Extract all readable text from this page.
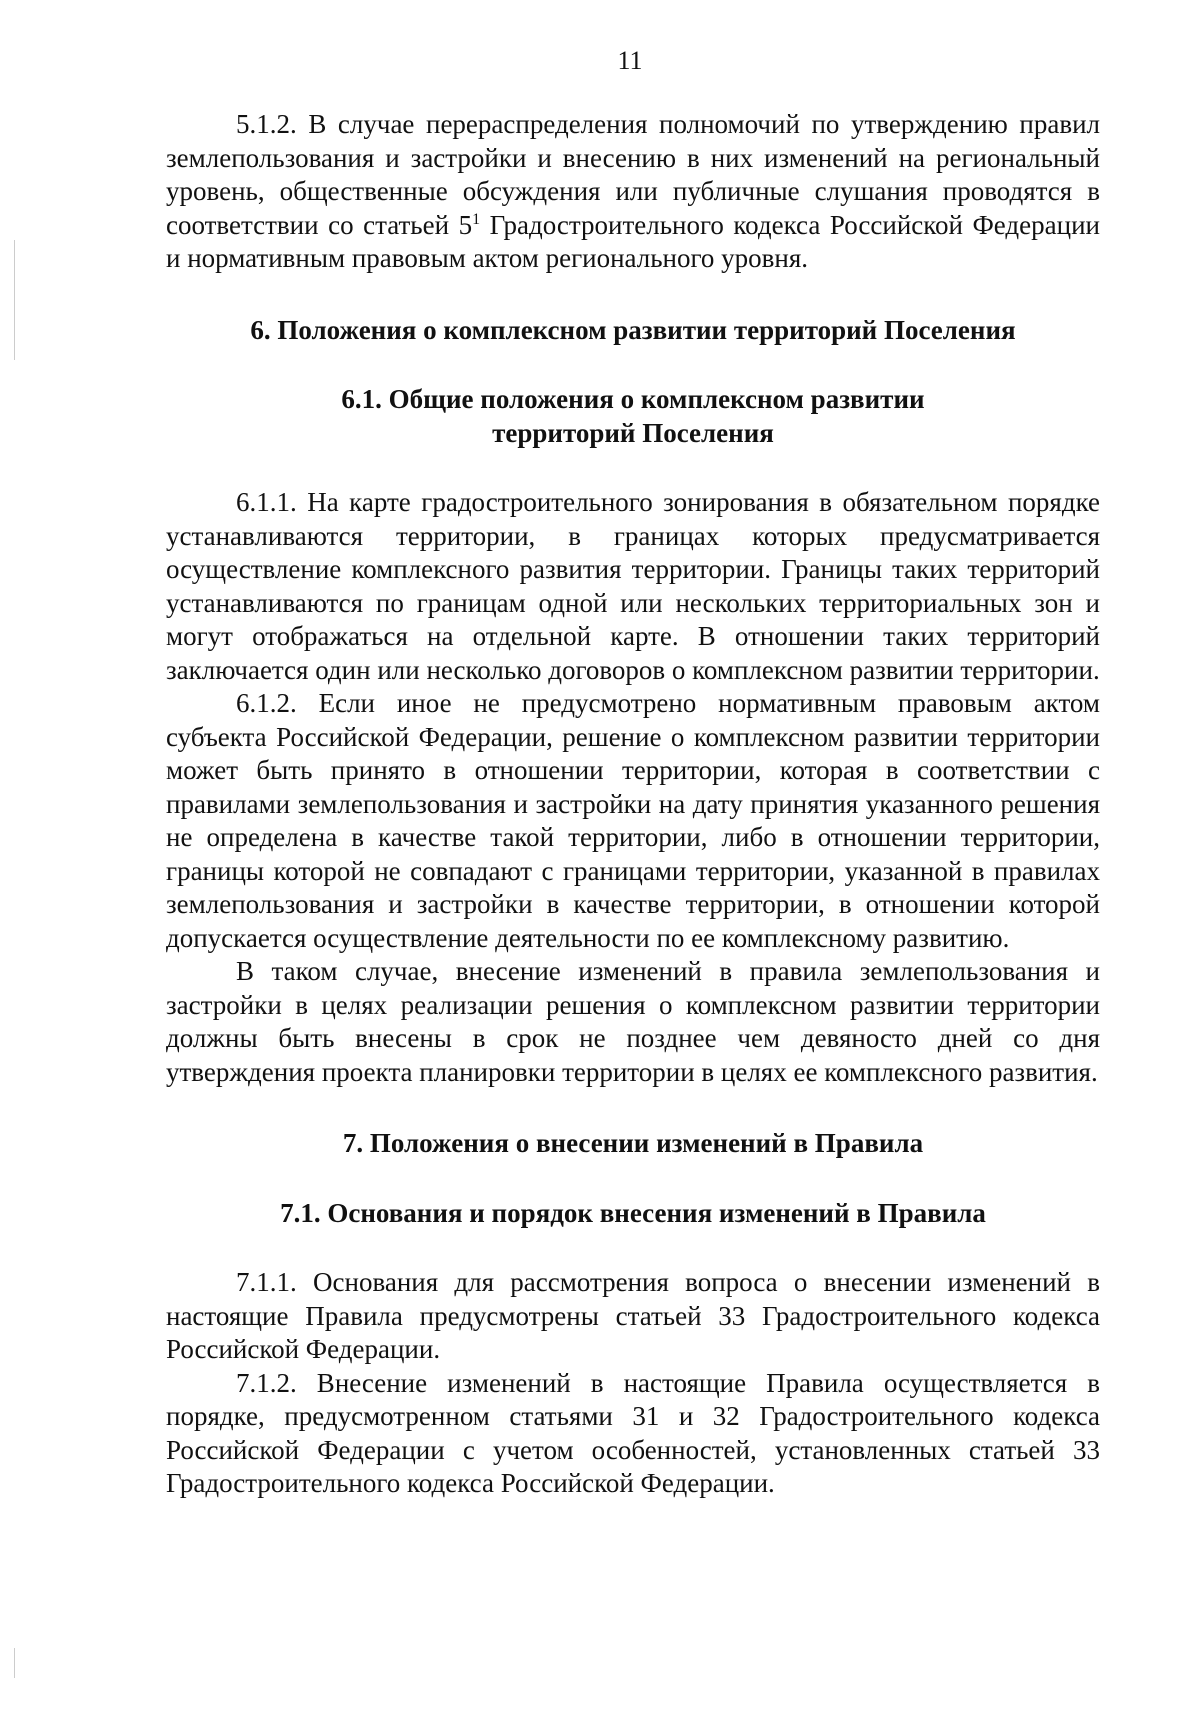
11

5.1.2. В случае перераспределения полномочий по утверждению правил землепользования и застройки и внесению в них изменений на региональный уровень, общественные обсуждения или публичные слушания проводятся в соответствии со статьей $5^1$ Градостроительного кодекса Российской Федерации и нормативным правовым актом регионального уровня.

6. Положения о комплексном развитии территорий Поселения
6.1. Общие положения о комплексном развитии
территорий Поселения

6.1.1. На карте градостроительного зонирования в обязательном порядке устанавливаются территории, в границах которых предусматривается осуществление комплексного развития территории. Границы таких территорий устанавливаются по границам одной или нескольких территориальных зон и могут отображаться на отдельной карте. В отношении таких территорий заключается один или несколько договоров о комплексном развитии территории.

6.1.2. Если иное не предусмотрено нормативным правовым актом субъекта Российской Федерации, решение о комплексном развитии территории может быть принято в отношении территории, которая в соответствии с правилами землепользования и застройки на дату принятия указанного решения не определена в качестве такой территории, либо в отношении территории, границы которой не совпадают с границами территории, указанной в правилах землепользования и застройки в качестве территории, в отношении которой допускается осуществление деятельности по ее комплексному развитию.

В таком случае, внесение изменений в правила землепользования и застройки в целях реализации решения о комплексном развитии территории должны быть внесены в срок не позднее чем девяносто дней со дня утверждения проекта планировки территории в целях ее комплексного развития.

7. Положения о внесении изменений в Правила
7.1. Основания и порядок внесения изменений в Правила

7.1.1. Основания для рассмотрения вопроса о внесении изменений в настоящие Правила предусмотрены статьей 33 Градостроительного кодекса Российской Федерации.

7.1.2. Внесение изменений в настоящие Правила осуществляется в порядке, предусмотренном статьями 31 и 32 Градостроительного кодекса Российской Федерации с учетом особенностей, установленных статьей 33 Градостроительного кодекса Российской Федерации.
